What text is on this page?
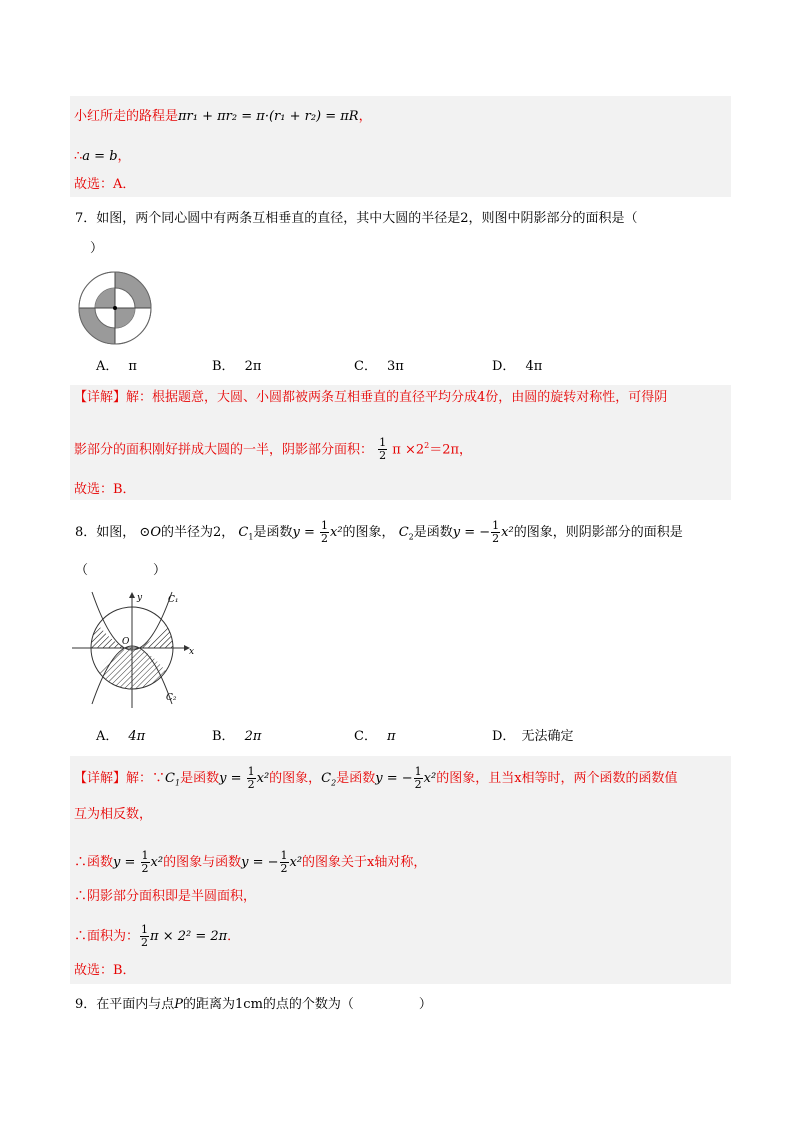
小红所走的路程是πr₁ + πr₂ = π·(r₁ + r₂) = πR，
∴a = b，
故选：A．
7．如图，两个同心圆中有两条互相垂直的直径，其中大圆的半径是2，则图中阴影部分的面积是（
）
A． π	B． 2π	C． 3π	D． 4π
【详解】解：根据题意，大圆、小圆都被两条互相垂直的直径平均分成4份，由圆的旋转对称性，可得阴
影部分的面积刚好拼成大圆的一半，阴影部分面积： $\frac{1}{2}$ $\pi \times 2^2=2\pi$，
故选：B．
8．如图， ⊙O的半径为2， $C_1$是函数$y = \frac{1}{2} x^2$的图象， $C_2$是函数y = − $\frac{1}{2} x^2$的图象，则阴影部分的面积是
（　　　　　）
y
x
O
C₁
C₂
A． 4π	B． 2π	C． π	D． 无法确定
【详解】解：$\because C_1$是函数$y = \frac{1}{2} x^2$的图象，$C_2$是函数y = − $\frac{1}{2} x^2$的图象，且当x相等时，两个函数的函数值
互为相反数，
∴函数$y = \frac{1}{2} x^2$的图象与函数y = − $\frac{1}{2} x^2$的图象关于x轴对称，
∴阴影部分面积即是半圆面积，
∴面积为： $\frac{1}{2}$ π × 2² = 2π．
故选：B．
9．在平面内与点P的距离为1cm的点的个数为（　　　　　）
